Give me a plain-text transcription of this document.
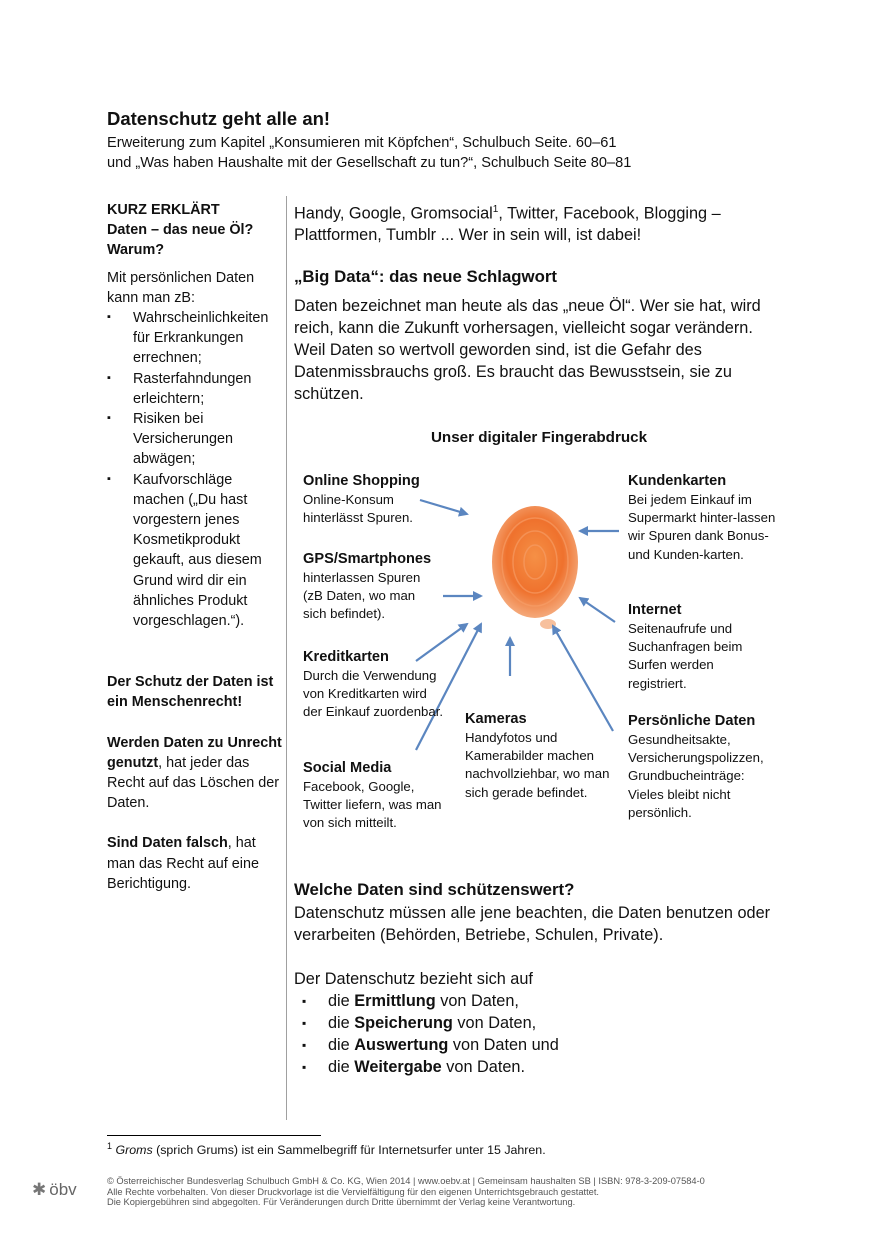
Datenschutz geht alle an!
Erweiterung zum Kapitel „Konsumieren mit Köpfchen“, Schulbuch Seite. 60–61
und „Was haben Haushalte mit der Gesellschaft zu tun?“, Schulbuch Seite 80–81

KURZ ERKLÄRT

Daten – das neue Öl?

Warum?

Mit persönlichen Daten kann man zB:

▪ Wahrscheinlichkeiten für Erkrankungen errechnen;
▪ Rasterfahndungen erleichtern;
▪ Risiken bei Versicherungen abwägen;
▪ Kaufvorschläge machen („Du hast vorgestern jenes Kosmetikprodukt gekauft, aus diesem Grund wird dir ein ähnliches Produkt vorgeschlagen.“).

Der Schutz der Daten ist ein Menschenrecht!

Werden Daten zu Unrecht genutzt, hat jeder das Recht auf das Löschen der Daten.

Sind Daten falsch, hat man das Recht auf eine Berichtigung.

Handy, Google, Gromsocial$^1$, Twitter, Facebook, Blogging – Plattformen, Tumblr ... Wer in sein will, ist dabei!

„Big Data“: das neue Schlagwort
Daten bezeichnet man heute als das „neue Öl“. Wer sie hat, wird reich, kann die Zukunft vorhersagen, vielleicht sogar verändern. Weil Daten so wertvoll geworden sind, ist die Gefahr des Datenmissbrauchs groß. Es braucht das Bewusstsein, sie zu schützen.
Unser digitaler Fingerabdruck
Online Shopping
Online-Konsum hinterlässt Spuren.
GPS/Smartphones
hinterlassen Spuren (zB Daten, wo man sich befindet).
Kreditkarten
Durch die Verwendung von Kreditkarten wird der Einkauf zuordenbar.
Social Media
Facebook, Google, Twitter liefern, was man von sich mitteilt.
Kameras
Handyfotos und Kamerabilder machen nachvollziehbar, wo man sich gerade befindet.
Kundenkarten
Bei jedem Einkauf im Supermarkt hinter-lassen wir Spuren dank Bonus- und Kunden-karten.
Internet
Seitenaufrufe und Suchanfragen beim Surfen werden registriert.
Persönliche Daten
Gesundheitsakte, Versicherungspolizzen, Grundbucheinträge: Vieles bleibt nicht persönlich.
Welche Daten sind schützenswert?
Datenschutz müssen alle jene beachten, die Daten benutzen oder verarbeiten (Behörden, Betriebe, Schulen, Private).
Der Datenschutz bezieht sich auf
▪ die Ermittlung von Daten,
▪ die Speicherung von Daten,
▪ die Auswertung von Daten und
▪ die Weitergabe von Daten.
$^1$ Groms (sprich Grums) ist ein Sammelbegriff für Internetsurfer unter 15 Jahren.
✱ öbv	© Österreichischer Bundesverlag Schulbuch GmbH & Co. KG, Wien 2014 | www.oebv.at | Gemeinsam haushalten SB | ISBN: 978-3-209-07584-0
Alle Rechte vorbehalten. Von dieser Druckvorlage ist die Vervielfältigung für den eigenen Unterrichtsgebrauch gestattet.
Die Kopiergebühren sind abgegolten. Für Veränderungen durch Dritte übernimmt der Verlag keine Verantwortung.
